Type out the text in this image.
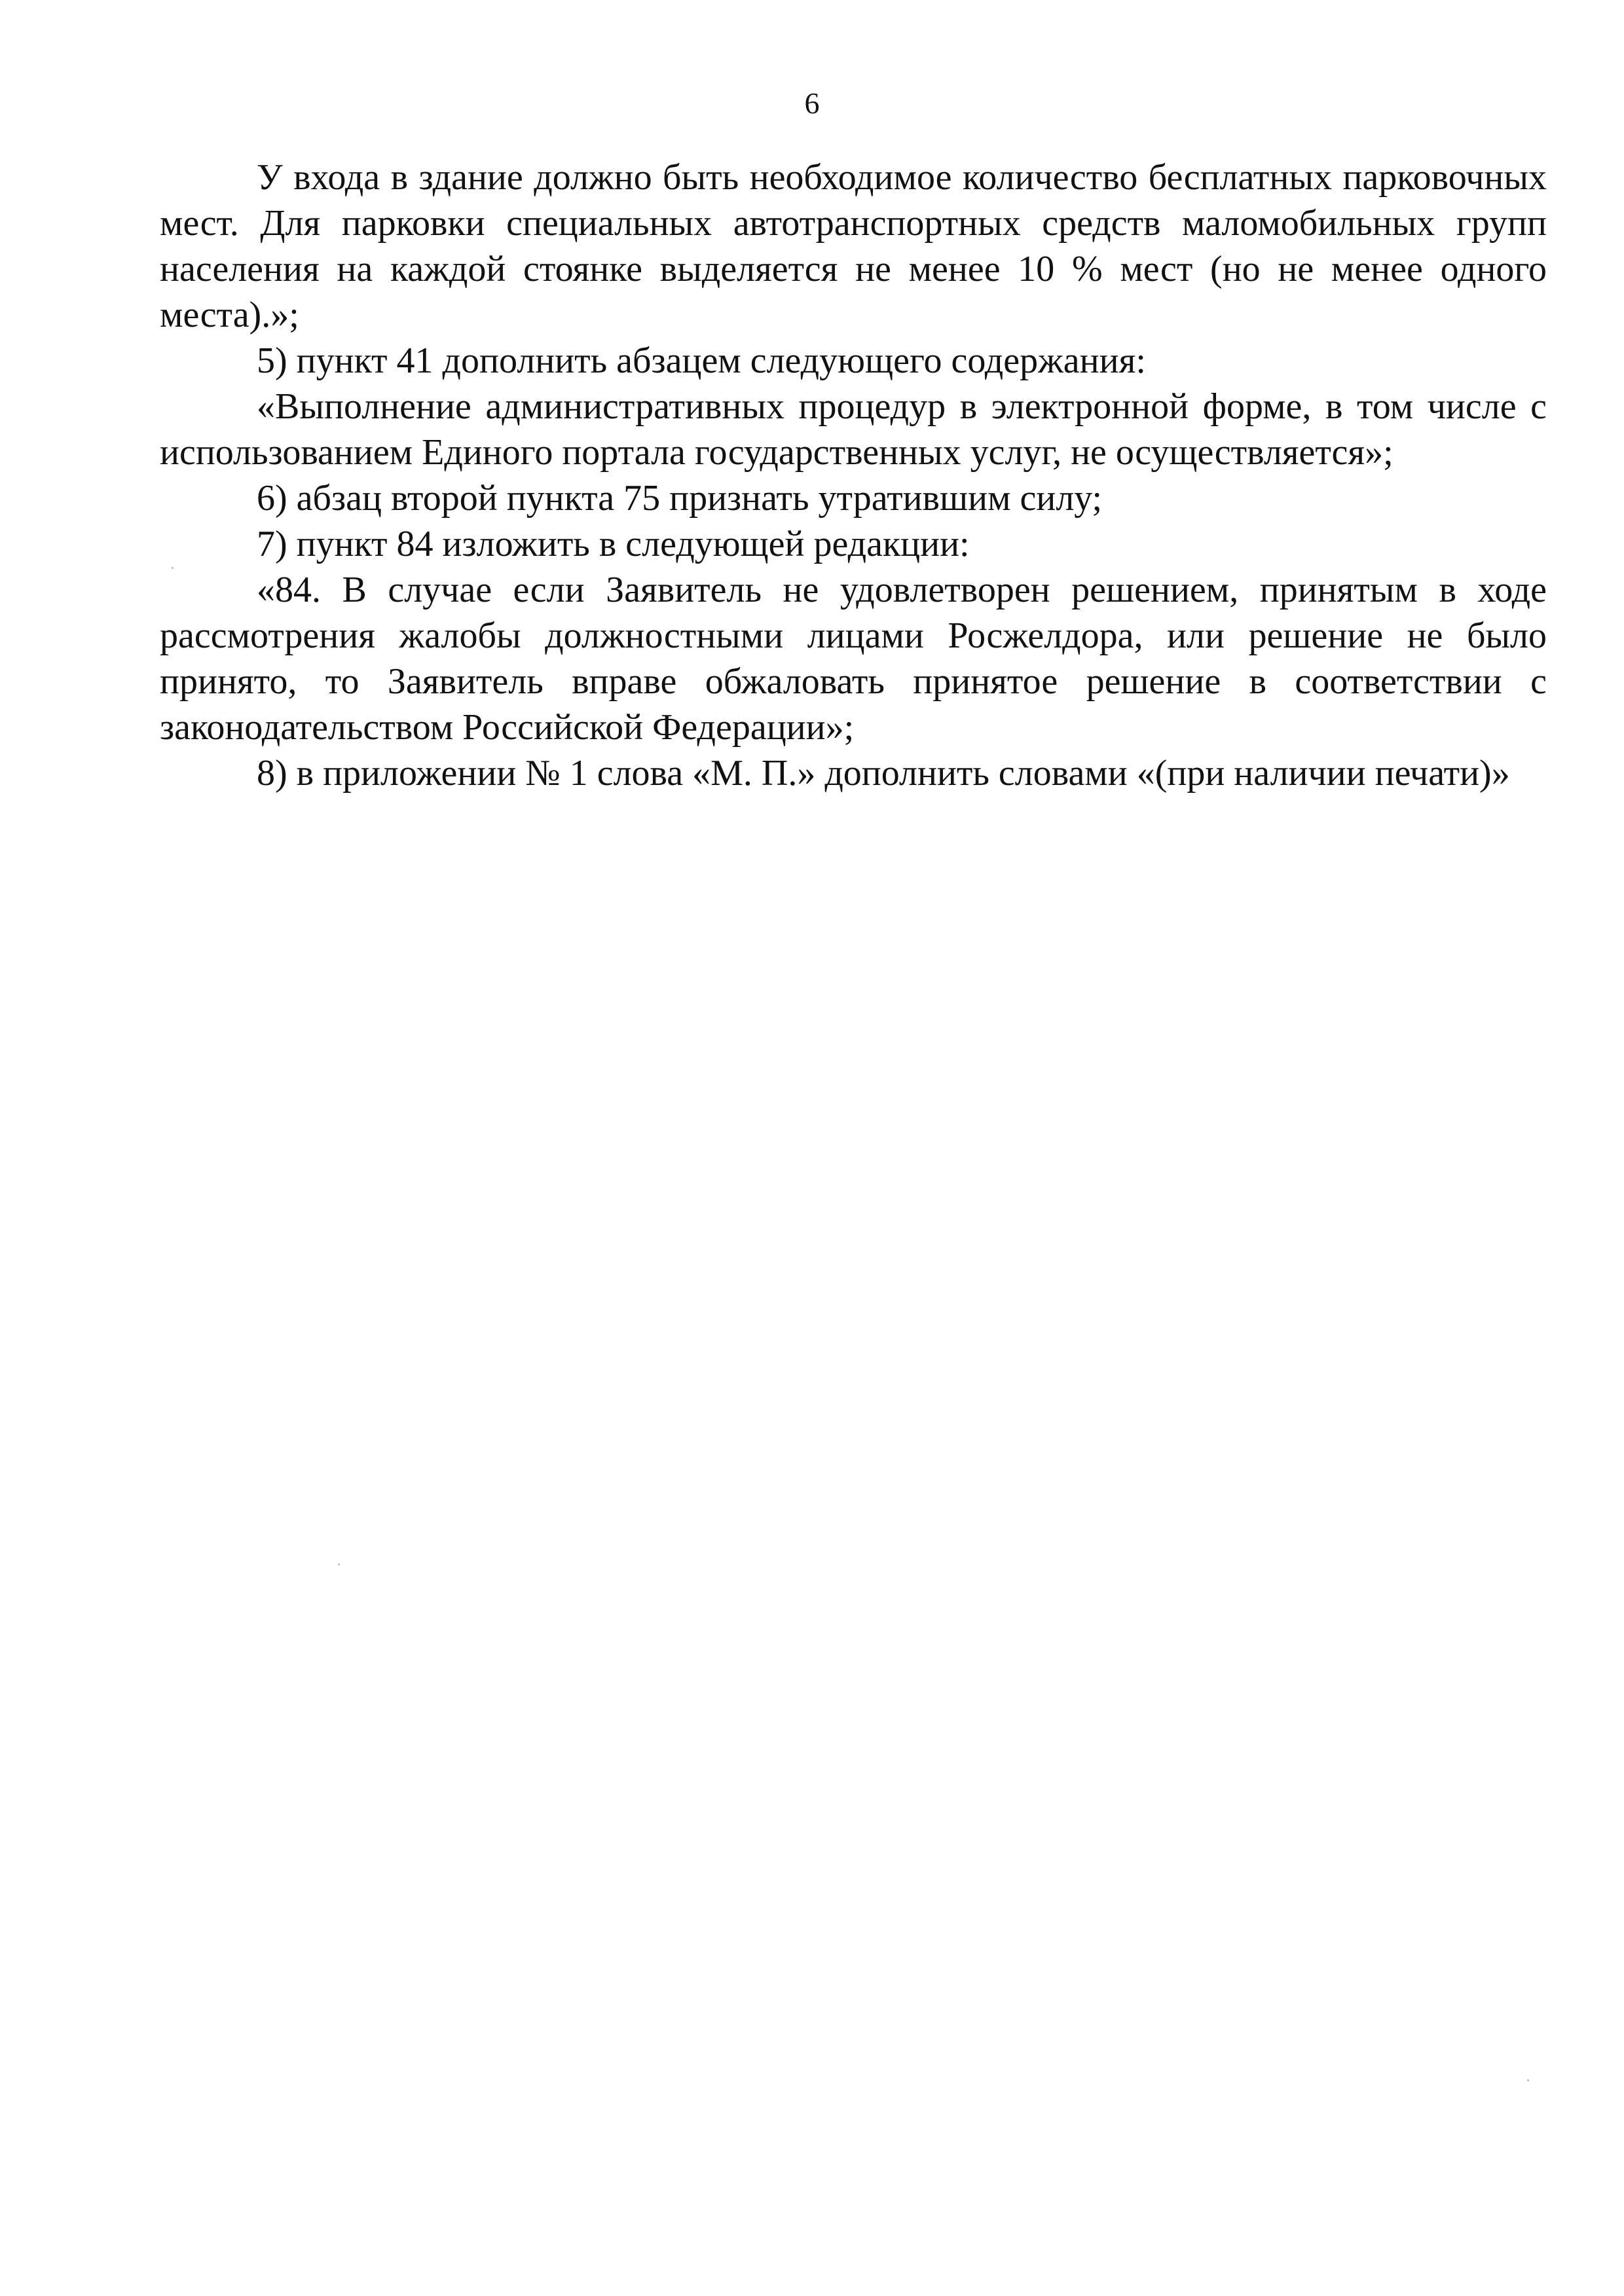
6

У входа в здание должно быть необходимое количество бесплатных парковочных мест. Для парковки специальных автотранспортных средств маломобильных групп населения на каждой стоянке выделяется не менее 10 % мест (но не менее одного места).»;

5) пункт 41 дополнить абзацем следующего содержания:

«Выполнение административных процедур в электронной форме, в том числе с использованием Единого портала государственных услуг, не осуществляется»;

6) абзац второй пункта 75 признать утратившим силу;

7) пункт 84 изложить в следующей редакции:

«84. В случае если Заявитель не удовлетворен решением, принятым в ходе рассмотрения жалобы должностными лицами Росжелдора, или решение не было принято, то Заявитель вправе обжаловать принятое решение в соответствии с законодательством Российской Федерации»;

8) в приложении № 1 слова «М. П.» дополнить словами «(при наличии печати)»
